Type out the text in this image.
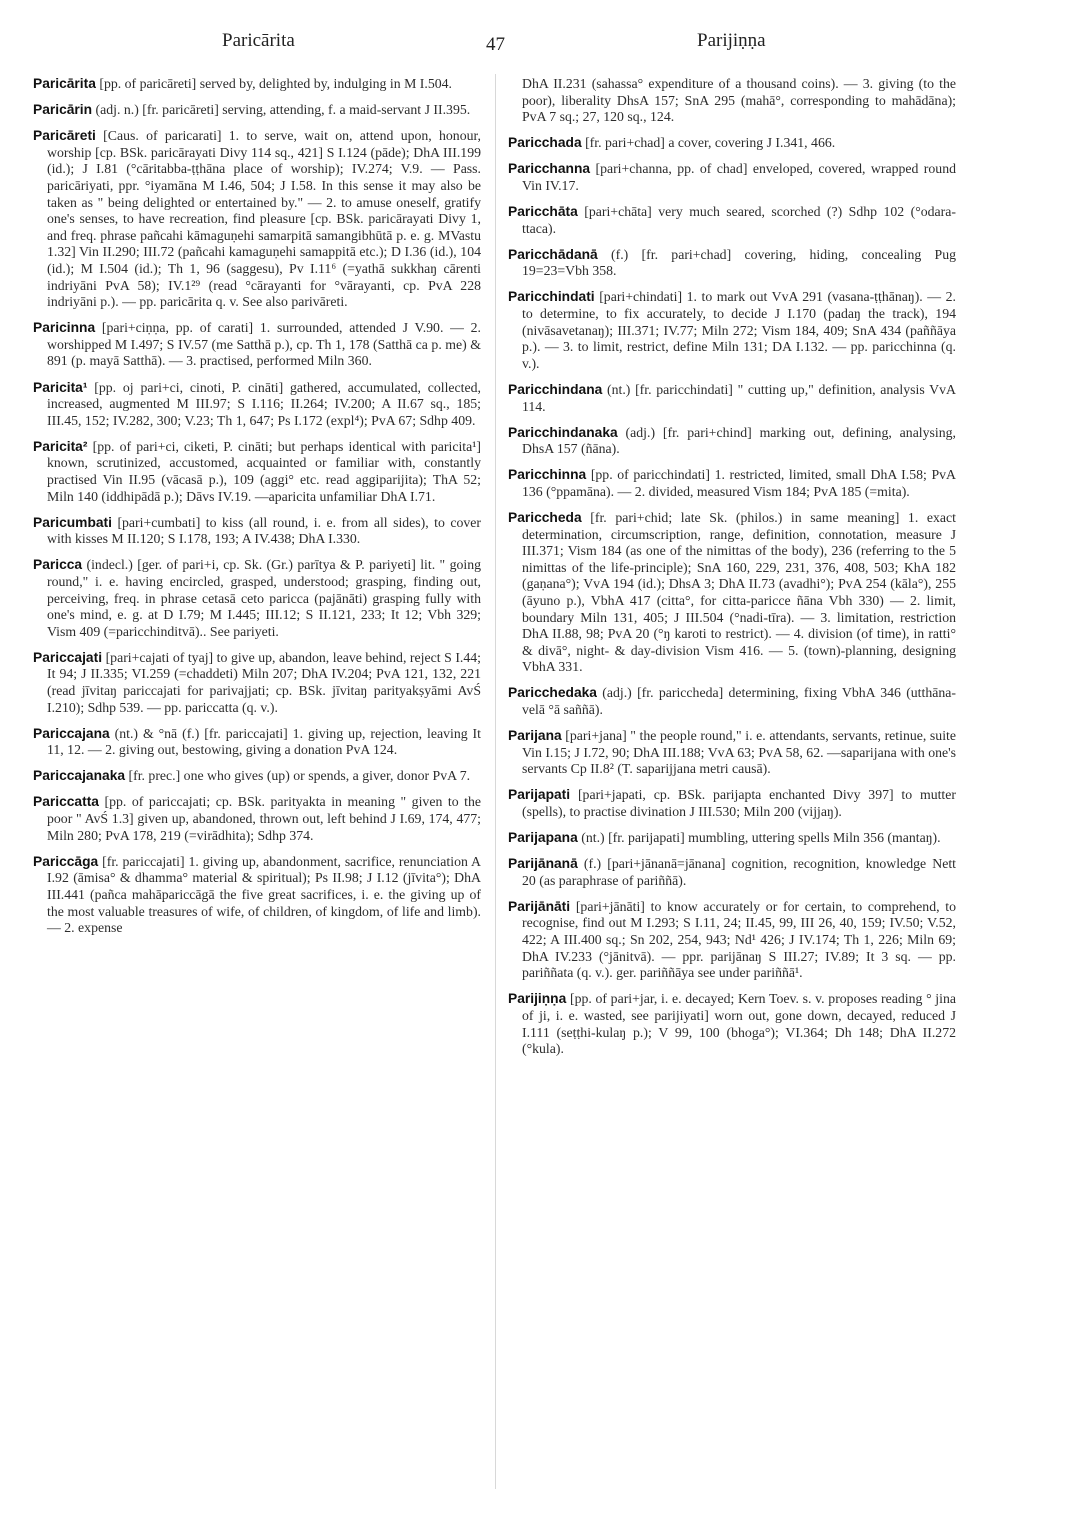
Paricārita	47	Parijiṇṇa

Paricārita [pp. of paricāreti] served by, delighted by, indulging in M I.504.

Paricārin (adj. n.) [fr. paricāreti] serving, attending, f. a maid-servant J II.395.

Paricāreti [Caus. of paricarati] 1. to serve, wait on, attend upon, honour, worship [cp. BSk. paricārayati Divy 114 sq., 421] S I.124 (pāde); DhA III.199 (id.); J I.81 (°cāritabba-ṭṭhāna place of worship); IV.274; V.9. — Pass. paricāriyati, ppr. °iyamāna M I.46, 504; J I.58. In this sense it may also be taken as " being delighted or entertained by." — 2. to amuse oneself, gratify one's senses, to have recreation, find pleasure [cp. BSk. paricārayati Divy 1, and freq. phrase pañcahi kāmaguṇehi samarpitā samangibhūtā p. e. g. MVastu 1.32] Vin II.290; III.72 (pañcahi kamaguṇehi samappitā etc.); D I.36 (id.), 104 (id.); M I.504 (id.); Th 1, 96 (saggesu), Pv I.11⁶ (=yathā sukkhaŋ cārenti indriyāni PvA 58); IV.1²⁹ (read °cārayanti for °vārayanti, cp. PvA 228 indriyāni p.). — pp. paricārita q. v. See also parivāreti.

Paricinna [pari+ciṇṇa, pp. of carati] 1. surrounded, attended J V.90. — 2. worshipped M I.497; S IV.57 (me Satthā p.), cp. Th 1, 178 (Satthā ca p. me) & 891 (p. mayā Satthā). — 3. practised, performed Miln 360.

Paricita¹ [pp. oj pari+ci, cinoti, P. cināti] gathered, accumulated, collected, increased, augmented M III.97; S I.116; II.264; IV.200; A II.67 sq., 185; III.45, 152; IV.282, 300; V.23; Th 1, 647; Ps I.172 (expl⁴); PvA 67; Sdhp 409.

Paricita² [pp. of pari+ci, ciketi, P. cināti; but perhaps identical with paricita¹] known, scrutinized, accustomed, acquainted or familiar with, constantly practised Vin II.95 (vācasā p.), 109 (aggi° etc. read aggiparijita); ThA 52; Miln 140 (iddhipādā p.); Dāvs IV.19. —aparicita unfamiliar DhA I.71.

Paricumbati [pari+cumbati] to kiss (all round, i. e. from all sides), to cover with kisses M II.120; S I.178, 193; A IV.438; DhA I.330.

Paricca (indecl.) [ger. of pari+i, cp. Sk. (Gr.) parītya & P. pariyeti] lit. " going round," i. e. having encircled, grasped, understood; grasping, finding out, perceiving, freq. in phrase cetasā ceto paricca (pajānāti) grasping fully with one's mind, e. g. at D I.79; M I.445; III.12; S II.121, 233; It 12; Vbh 329; Vism 409 (=paricchinditvā).. See pariyeti.

Pariccajati [pari+cajati of tyaj] to give up, abandon, leave behind, reject S I.44; It 94; J II.335; VI.259 (=chaddeti) Miln 207; DhA IV.204; PvA 121, 132, 221 (read jīvitaŋ pariccajati for parivajjati; cp. BSk. jīvitaŋ parityakṣyāmi AvŚ I.210); Sdhp 539. — pp. pariccatta (q. v.).

Pariccajana (nt.) & °nā (f.) [fr. pariccajati] 1. giving up, rejection, leaving It 11, 12. — 2. giving out, bestowing, giving a donation PvA 124.

Pariccajanaka [fr. prec.] one who gives (up) or spends, a giver, donor PvA 7.

Pariccatta [pp. of pariccajati; cp. BSk. parityakta in meaning " given to the poor " AvŚ 1.3] given up, abandoned, thrown out, left behind J I.69, 174, 477; Miln 280; PvA 178, 219 (=virādhita); Sdhp 374.

Pariccāga [fr. pariccajati] 1. giving up, abandonment, sacrifice, renunciation A I.92 (āmisa° & dhamma° material & spiritual); Ps II.98; J I.12 (jīvita°); DhA III.441 (pañca mahāpariccāgā the five great sacrifices, i. e. the giving up of the most valuable treasures of wife, of children, of kingdom, of life and limb). — 2. expense

DhA II.231 (sahassa° expenditure of a thousand coins). — 3. giving (to the poor), liberality DhsA 157; SnA 295 (mahā°, corresponding to mahādāna); PvA 7 sq.; 27, 120 sq., 124.

Paricchada [fr. pari+chad] a cover, covering J I.341, 466.

Paricchanna [pari+channa, pp. of chad] enveloped, covered, wrapped round Vin IV.17.

Paricchāta [pari+chāta] very much seared, scorched (?) Sdhp 102 (°odara-ttaca).

Paricchādanā (f.) [fr. pari+chad] covering, hiding, concealing Pug 19=23=Vbh 358.

Paricchindati [pari+chindati] 1. to mark out VvA 291 (vasana-ṭṭhānaŋ). — 2. to determine, to fix accurately, to decide J I.170 (padaŋ the track), 194 (nivāsavetanaŋ); III.371; IV.77; Miln 272; Vism 184, 409; SnA 434 (paññāya p.). — 3. to limit, restrict, define Miln 131; DA I.132. — pp. paricchinna (q. v.).

Paricchindana (nt.) [fr. paricchindati] " cutting up," definition, analysis VvA 114.

Paricchindanaka (adj.) [fr. pari+chind] marking out, defining, analysing, DhsA 157 (ñāna).

Paricchinna [pp. of paricchindati] 1. restricted, limited, small DhA I.58; PvA 136 (°ppamāna). — 2. divided, measured Vism 184; PvA 185 (=mita).

Pariccheda [fr. pari+chid; late Sk. (philos.) in same meaning] 1. exact determination, circumscription, range, definition, connotation, measure J III.371; Vism 184 (as one of the nimittas of the body), 236 (referring to the 5 nimittas of the life-principle); SnA 160, 229, 231, 376, 408, 503; KhA 182 (gaṇana°); VvA 194 (id.); DhsA 3; DhA II.73 (avadhi°); PvA 254 (kāla°), 255 (āyuno p.), VbhA 417 (citta°, for citta-paricce ñāna Vbh 330) — 2. limit, boundary Miln 131, 405; J III.504 (°nadi-tīra). — 3. limitation, restriction DhA II.88, 98; PvA 20 (°ŋ karoti to restrict). — 4. division (of time), in ratti° & divā°, night- & day-division Vism 416. — 5. (town)-planning, designing VbhA 331.

Paricchedaka (adj.) [fr. pariccheda] determining, fixing VbhA 346 (utthāna-velā °ā saññā).

Parijana [pari+jana] " the people round," i. e. attendants, servants, retinue, suite Vin I.15; J I.72, 90; DhA III.188; VvA 63; PvA 58, 62. —saparijana with one's servants Cp II.8² (T. saparijjana metri causā).

Parijapati [pari+japati, cp. BSk. parijapta enchanted Divy 397] to mutter (spells), to practise divination J III.530; Miln 200 (vijjaŋ).

Parijapana (nt.) [fr. parijapati] mumbling, uttering spells Miln 356 (mantaŋ).

Parijānanā (f.) [pari+jānanā=jānana] cognition, recognition, knowledge Nett 20 (as paraphrase of pariññā).

Parijānāti [pari+jānāti] to know accurately or for certain, to comprehend, to recognise, find out M I.293; S I.11, 24; II.45, 99, III 26, 40, 159; IV.50; V.52, 422; A III.400 sq.; Sn 202, 254, 943; Nd¹ 426; J IV.174; Th 1, 226; Miln 69; DhA IV.233 (°jānitvā). — ppr. parijānaŋ S III.27; IV.89; It 3 sq. — pp. pariññata (q. v.). ger. pariññāya see under pariññā¹.

Parijiṇṇa [pp. of pari+jar, i. e. decayed; Kern Toev. s. v. proposes reading ° jina of ji, i. e. wasted, see parijiyati] worn out, gone down, decayed, reduced J I.111 (seṭṭhi-kulaŋ p.); V 99, 100 (bhoga°); VI.364; Dh 148; DhA II.272 (°kula).
